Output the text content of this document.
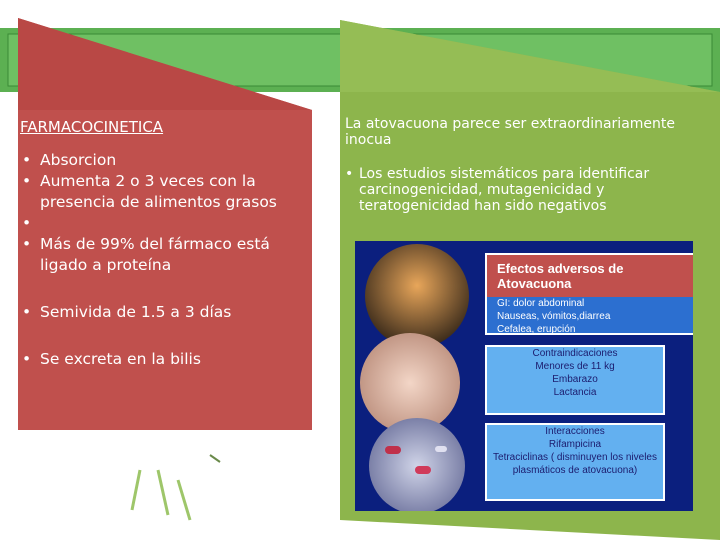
FARMACOCINETICA
• Absorcion
• Aumenta 2 o 3 veces con la presencia de alimentos grasos
•

• Más de 99% del fármaco está ligado a proteína
• Semivida de 1.5 a 3 días
• Se excreta en la bilis
La atovacuona parece ser extraordinariamente inocua
• Los estudios sistemáticos para identificar carcinogenicidad, mutagenicidad y teratogenicidad han sido negativos
Efectos adversos de Atovacuona
GI: dolor abdominal
Nauseas, vómitos,diarrea
Cefalea, erupción
Contraindicaciones
Menores de 11 kg
Embarazo
Lactancia
Interacciones
Rifampicina
Tetraciclinas ( disminuyen los niveles plasmáticos de atovacuona)
